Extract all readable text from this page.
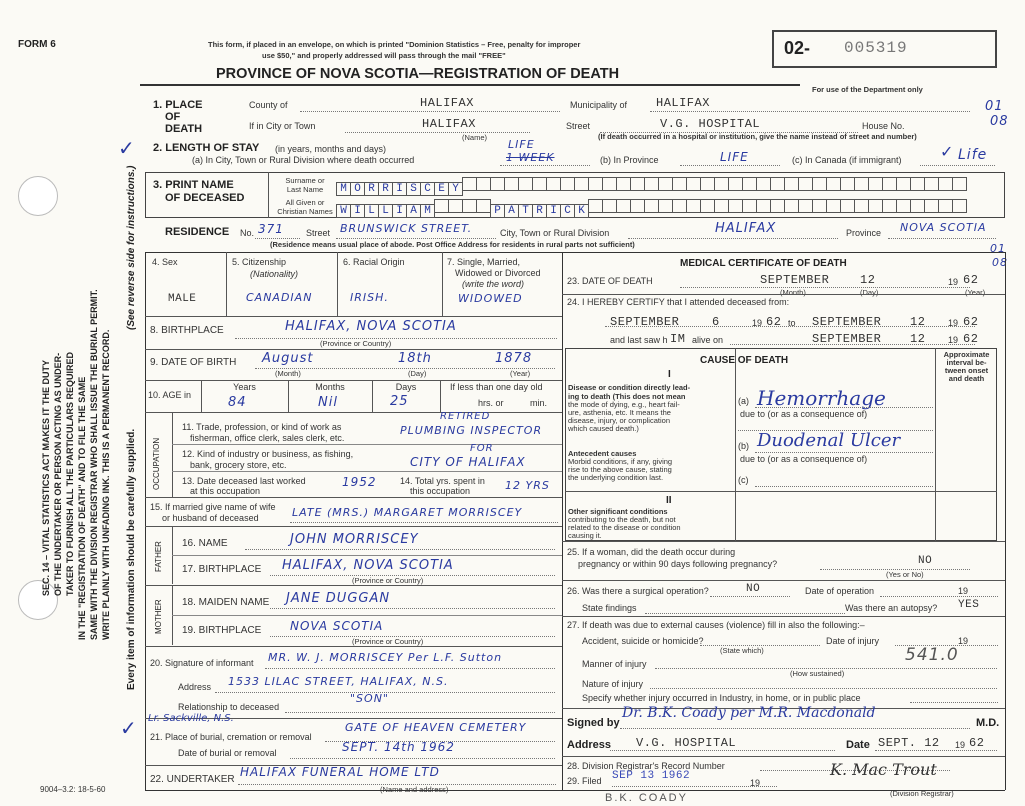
FORM 6	This form, if placed in an envelope, on which is printed "Dominion Statistics – Free, penalty for improper
use $50," and properly addressed will pass through the mail "FREE"
PROVINCE OF NOVA SCOTIA—REGISTRATION OF DEATH
02- 005319
For use of the Department only
01
08
SEC. 14 – VITAL STATISTICS ACT MAKES IT THE DUTY OF THE UNDERTAKER OR PERSON ACTING AS UNDER- TAKER TO FURNISH ALL THE PARTICULARS REQUIRED IN THE "REGISTRATION OF DEATH" AND TO FILE THE SAME SAME WITH THE DIVISION REGISTRAR WHO SHALL ISSUE THE BURIAL PERMIT. WRITE PLAINLY WITH UNFADING INK. THIS IS A PERMANENT RECORD.
(See reverse side for instructions.)
Every item of information should be carefully supplied.
✓
✓
1. PLACE
OF
DEATH
County of	HALIFAX	Municipality of HALIFAX
If in City or Town	HALIFAX	Street	V.G. HOSPITAL	House No.
(Name)	(If death occurred in a hospital or institution, give the name instead of street and number)
2. LENGTH OF STAY (in years, months and days)
(a) In City, Town or Rural Division where death occurred
LIFE
1 WEEK	(b) In Province	LIFE	(c) In Canada (if immigrant)	Life
✓
3. PRINT NAME
OF DECEASED
Surname or
Last Name
All Given or
Christian Names
M O R R I S C E Y
W I L L I A M	P A T R I C K
RESIDENCE No. 371 Street BRUNSWICK STREET.	City, Town or Rural Division	HALIFAX	Province NOVA SCOTIA
(Residence means usual place of abode. Post Office Address for residents in rural parts not sufficient)	01
08
4. Sex
MALE
5. Citizenship
(Nationality)
CANADIAN
6. Racial Origin
IRISH.
7. Single, Married,
Widowed or Divorced
(write the word)
WIDOWED
8. BIRTHPLACE	HALIFAX, NOVA SCOTIA
(Province or Country)
9. DATE OF BIRTH August	18th	1878
(Month)	(Day)	(Year)
10. AGE in
Years
84
Months
Nil
Days
25
If less than one day old
hrs. or	min.
OCCUPATION
11. Trade, profession, or kind of work as
fisherman, office clerk, sales clerk, etc.
RETIRED
PLUMBING INSPECTOR
12. Kind of industry or business, as fishing,
bank, grocery store, etc.
FOR
CITY OF HALIFAX
13. Date deceased last worked
at this occupation
1952	14. Total yrs. spent in
this occupation	12 YRS
15. If married give name of wife
or husband of deceased	LATE (MRS.) MARGARET MORRISCEY
FATHER 16. NAME	JOHN MORRISCEY
17. BIRTHPLACE HALIFAX, NOVA SCOTIA
(Province or Country)
MOTHER 18. MAIDEN NAME JANE DUGGAN
19. BIRTHPLACE NOVA SCOTIA
(Province or Country)
20. Signature of informant MR. W. J. MORRISCEY Per L.F. Sutton
Address 1533 LILAC STREET, HALIFAX, N.S.
Relationship to deceased
"SON"
Lr. Sackville, N.S.
21. Place of burial, cremation or removal
GATE OF HEAVEN CEMETERY
Date of burial or removal	SEPT. 14th 1962
22. UNDERTAKER
HALIFAX FUNERAL HOME LTD
(Name and address)
B.K. COADY
MEDICAL CERTIFICATE OF DEATH
23. DATE OF DEATH	SEPTEMBER	12	19 62
(Month)	(Day)	(Year)
24. I HEREBY CERTIFY that I attended deceased from:
SEPTEMBER	6	19 62 to SEPTEMBER 12	19 62
and last saw h IM alive on	SEPTEMBER 12	19 62
CAUSE OF DEATH
Approximate
interval be-
tween onset
and death
I
Disease or condition directly lead-
ing to death (This does not mean
the mode of dying, e.g., heart fail-
ure, asthenia, etc. It means the
disease, injury, or complication
which caused death.)
(a) Hemorrhage
due to (or as a consequence of)
Antecedent causes
Morbid conditions, if any, giving
rise to the above cause, stating
the underlying condition last.
(b) Duodenal Ulcer
due to (or as a consequence of)
(c)
II
Other significant conditions
contributing to the death, but not
related to the disease or condition
causing it.
25. If a woman, did the death occur during
pregnancy or within 90 days following pregnancy?	NO
(Yes or No)
26. Was there a surgical operation?	NO	Date of operation	19
State findings	Was there an autopsy? YES
27. If death was due to external causes (violence) fill in also the following:–
Accident, suicide or homicide?	Date of injury	19
(State which)
Manner of injury	541.0
(How sustained)
Nature of injury
Specify whether injury occurred in Industry, in home, or in public place
Signed by
Dr. B.K. Coady per M.R. Macdonald
M.D.
Address V.G. HOSPITAL	Date SEPT. 12 19 62
28. Division Registrar's Record Number
29. Filed SEP 13 1962
19
K. Mac Trout
(Division Registrar)
9004–3.2: 18-5-60
